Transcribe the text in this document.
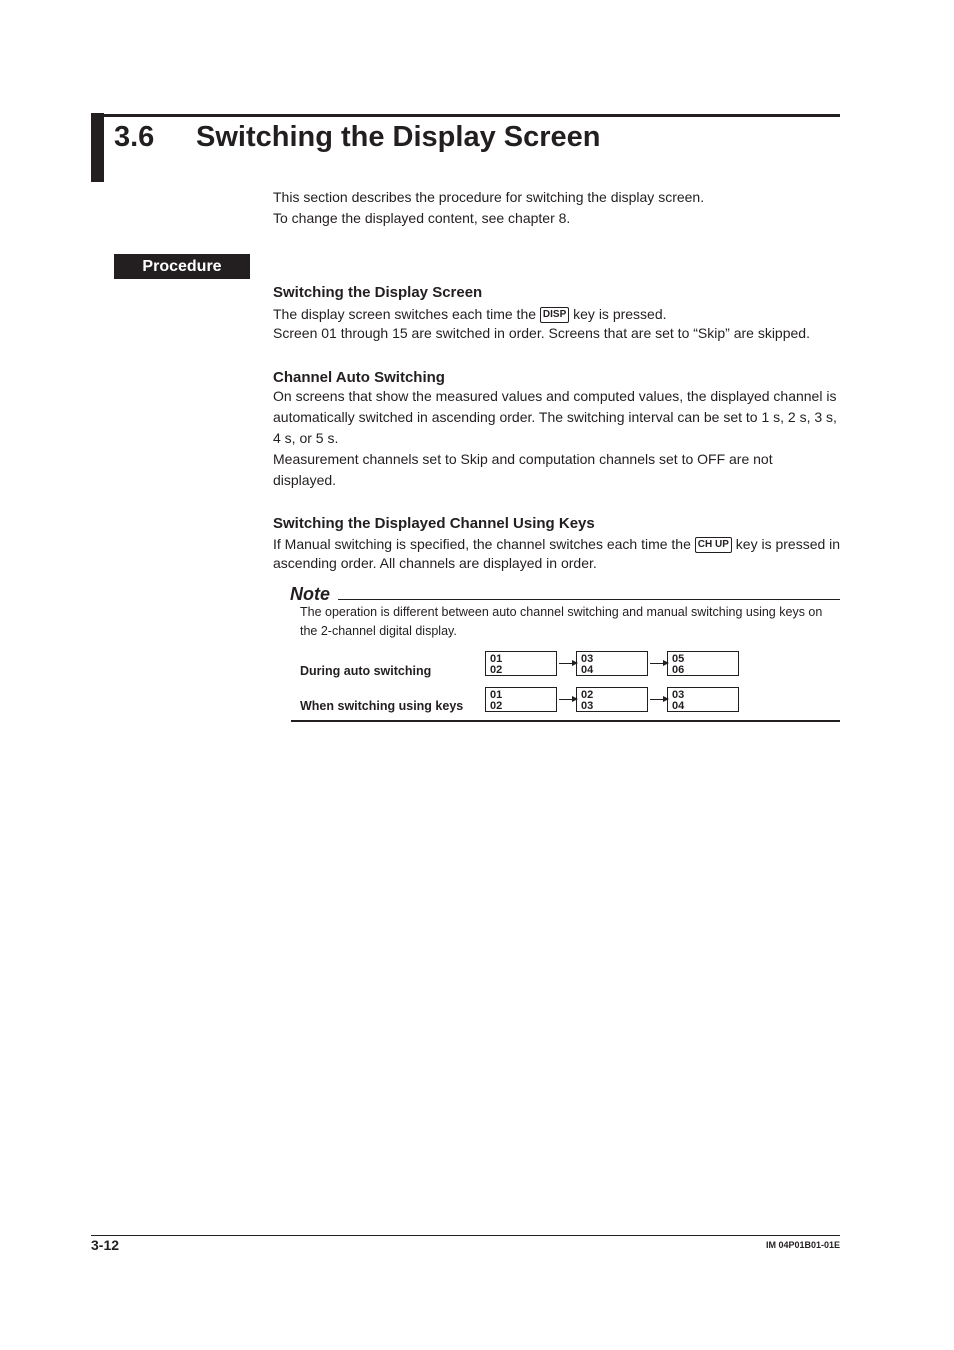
3.6 Switching the Display Screen
This section describes the procedure for switching the display screen.
To change the displayed content, see chapter 8.
Procedure
Switching the Display Screen
The display screen switches each time the DISP key is pressed.
Screen 01 through 15 are switched in order. Screens that are set to “Skip” are skipped.
Channel Auto Switching
On screens that show the measured values and computed values, the displayed channel is automatically switched in ascending order. The switching interval can be set to 1 s, 2 s, 3 s, 4 s, or 5 s.
Measurement channels set to Skip and computation channels set to OFF are not displayed.
Switching the Displayed Channel Using Keys
If Manual switching is specified, the channel switches each time the CH UP key is pressed in ascending order. All channels are displayed in order.
Note
The operation is different between auto channel switching and manual switching using keys on the 2-channel digital display.
During auto switching
When switching using keys
01
02
03
04
05
06
01
02
02
03
03
04
3-12	IM 04P01B01-01E
